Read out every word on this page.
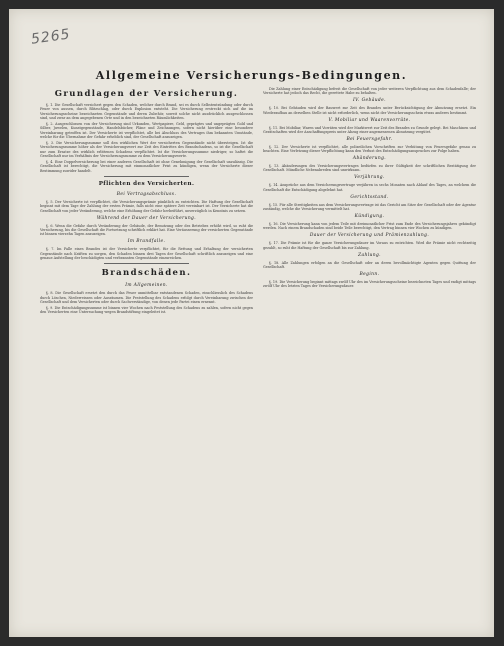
5265
Allgemeine Versicherungs-Bedingungen.
Grundlagen der Versicherung.

§. 1. Die Gesellschaft versichert gegen den Schaden, welcher durch Brand, sei es durch Selbstentzündung oder durch Feuer von aussen, durch Blitzschlag, oder durch Explosion entsteht. Die Versicherung erstreckt sich auf die im Versicherungsscheine bezeichneten Gegenstände und deren Zubehör, soweit solche nicht ausdrücklich ausgeschlossen sind, und zwar an dem angegebenen Orte und in den bezeichneten Räumlichkeiten.

§. 2. Ausgeschlossen von der Versicherung sind Urkunden, Wertpapiere, Geld, geprägtes und ungeprägtes Gold und Silber, Juwelen, Kunstgegenstände, Handelsbücher, Pläne und Zeichnungen, sofern nicht hierüber eine besondere Vereinbarung getroffen ist. Der Versicherte ist verpflichtet, alle bei Abschluss des Vertrages ihm bekannten Umstände, welche für die Übernahme der Gefahr erheblich sind, der Gesellschaft anzuzeigen.

§. 3. Die Versicherungssumme soll den wirklichen Wert der versicherten Gegenstände nicht übersteigen. Ist die Versicherungssumme höher als der Versicherungswert zur Zeit des Eintrittes des Brandschadens, so ist die Gesellschaft nur zum Ersatze des wirklich erlittenen Schadens verpflichtet. Ist die Versicherungssumme niedriger, so haftet die Gesellschaft nur im Verhältnis der Versicherungssumme zu dem Versicherungswerte.

§. 4. Eine Doppelversicherung bei einer anderen Gesellschaft ist ohne Genehmigung der Gesellschaft unzulässig. Die Gesellschaft ist berechtigt, die Versicherung mit einmonatlicher Frist zu kündigen, wenn der Versicherte dieser Bestimmung zuwider handelt.

Pflichten des Versicherten.
Bei Vertragsabschluss.

§. 5. Der Versicherte ist verpflichtet, die Versicherungsprämie pünktlich zu entrichten. Die Haftung der Gesellschaft beginnt mit dem Tage der Zahlung der ersten Prämie, falls nicht eine spätere Zeit vereinbart ist. Der Versicherte hat die Gesellschaft von jeder Veränderung, welche eine Erhöhung der Gefahr herbeiführt, unverzüglich in Kenntnis zu setzen.

Während der Dauer der Versicherung.

§. 6. Wenn die Gefahr durch Veränderung der Gebäude, der Benutzung oder des Betriebes erhöht wird, so ruht die Versicherung, bis die Gesellschaft die Fortsetzung schriftlich erklärt hat. Eine Veräusserung der versicherten Gegenstände ist binnen vierzehn Tagen anzuzeigen.

Im Brandfalle.

§. 7. Im Falle eines Brandes ist der Versicherte verpflichtet, für die Rettung und Erhaltung der versicherten Gegenstände nach Kräften zu sorgen, den Schaden binnen drei Tagen der Gesellschaft schriftlich anzuzeigen und eine genaue Aufstellung der beschädigten und verbrannten Gegenstände einzureichen.

Brandschäden.
Im Allgemeinen.

§. 8. Die Gesellschaft ersetzt den durch das Feuer unmittelbar entstandenen Schaden, einschliesslich des Schadens durch Löschen, Niederreissen oder Ausräumen. Die Feststellung des Schadens erfolgt durch Vereinbarung zwischen der Gesellschaft und dem Versicherten oder durch Sachverständige, von denen jede Partei einen ernennt.

§. 9. Die Entschädigungssumme ist binnen vier Wochen nach Feststellung des Schadens zu zahlen, sofern nicht gegen den Versicherten eine Untersuchung wegen Brandstiftung eingeleitet ist.

Die Zahlung einer Entschädigung befreit die Gesellschaft von jeder weiteren Verpflichtung aus dem Schadenfalle; der Versicherte hat jedoch das Recht, die gerettete Habe zu behalten.

IV. Gebäude.

§. 10. Bei Gebäuden wird der Bauwert zur Zeit des Brandes unter Berücksichtigung der Abnutzung ersetzt. Ein Wiederaufbau an derselben Stelle ist nicht erforderlich, wenn nicht der Versicherungsschein etwas anderes bestimmt.

V. Mobiliar und Waarenvorräte.

§. 11. Bei Mobiliar, Waren und Vorräten wird der Marktwert zur Zeit des Brandes zu Grunde gelegt. Bei Maschinen und Gerätschaften wird der Anschaffungspreis unter Abzug einer angemessenen Abnutzung vergütet.

Bei Feuersgefahr.

§. 12. Der Versicherte ist verpflichtet, alle polizeilichen Vorschriften zur Verhütung von Feuersgefahr genau zu beachten. Eine Verletzung dieser Verpflichtung kann den Verlust des Entschädigungsanspruches zur Folge haben.

Abänderung.

§. 13. Abänderungen des Versicherungsvertrages bedürfen zu ihrer Gültigkeit der schriftlichen Bestätigung der Gesellschaft. Mündliche Nebenabreden sind unwirksam.

Verjährung.

§. 14. Ansprüche aus dem Versicherungsvertrage verjähren in sechs Monaten nach Ablauf des Tages, an welchem die Gesellschaft die Entschädigung abgelehnt hat.

Gerichtsstand.

§. 15. Für alle Streitigkeiten aus dem Versicherungsvertrage ist das Gericht am Sitze der Gesellschaft oder der Agentur zuständig, welche die Versicherung vermittelt hat.

Kündigung.

§. 16. Die Versicherung kann von jedem Teile mit dreimonatlicher Frist zum Ende des Versicherungsjahres gekündigt werden. Nach einem Brandschaden sind beide Teile berechtigt, den Vertrag binnen vier Wochen zu kündigen.

Dauer der Versicherung und Prämienzahlung.

§. 17. Die Prämie ist für die ganze Versicherungsdauer im Voraus zu entrichten. Wird die Prämie nicht rechtzeitig gezahlt, so ruht die Haftung der Gesellschaft bis zur Zahlung.

Zahlung.

§. 18. Alle Zahlungen erfolgen an die Gesellschaft oder an deren bevollmächtigte Agenten gegen Quittung der Gesellschaft.

Beginn.

§. 19. Die Versicherung beginnt mittags zwölf Uhr des im Versicherungsscheine bezeichneten Tages und endigt mittags zwölf Uhr des letzten Tages der Versicherungsdauer.
